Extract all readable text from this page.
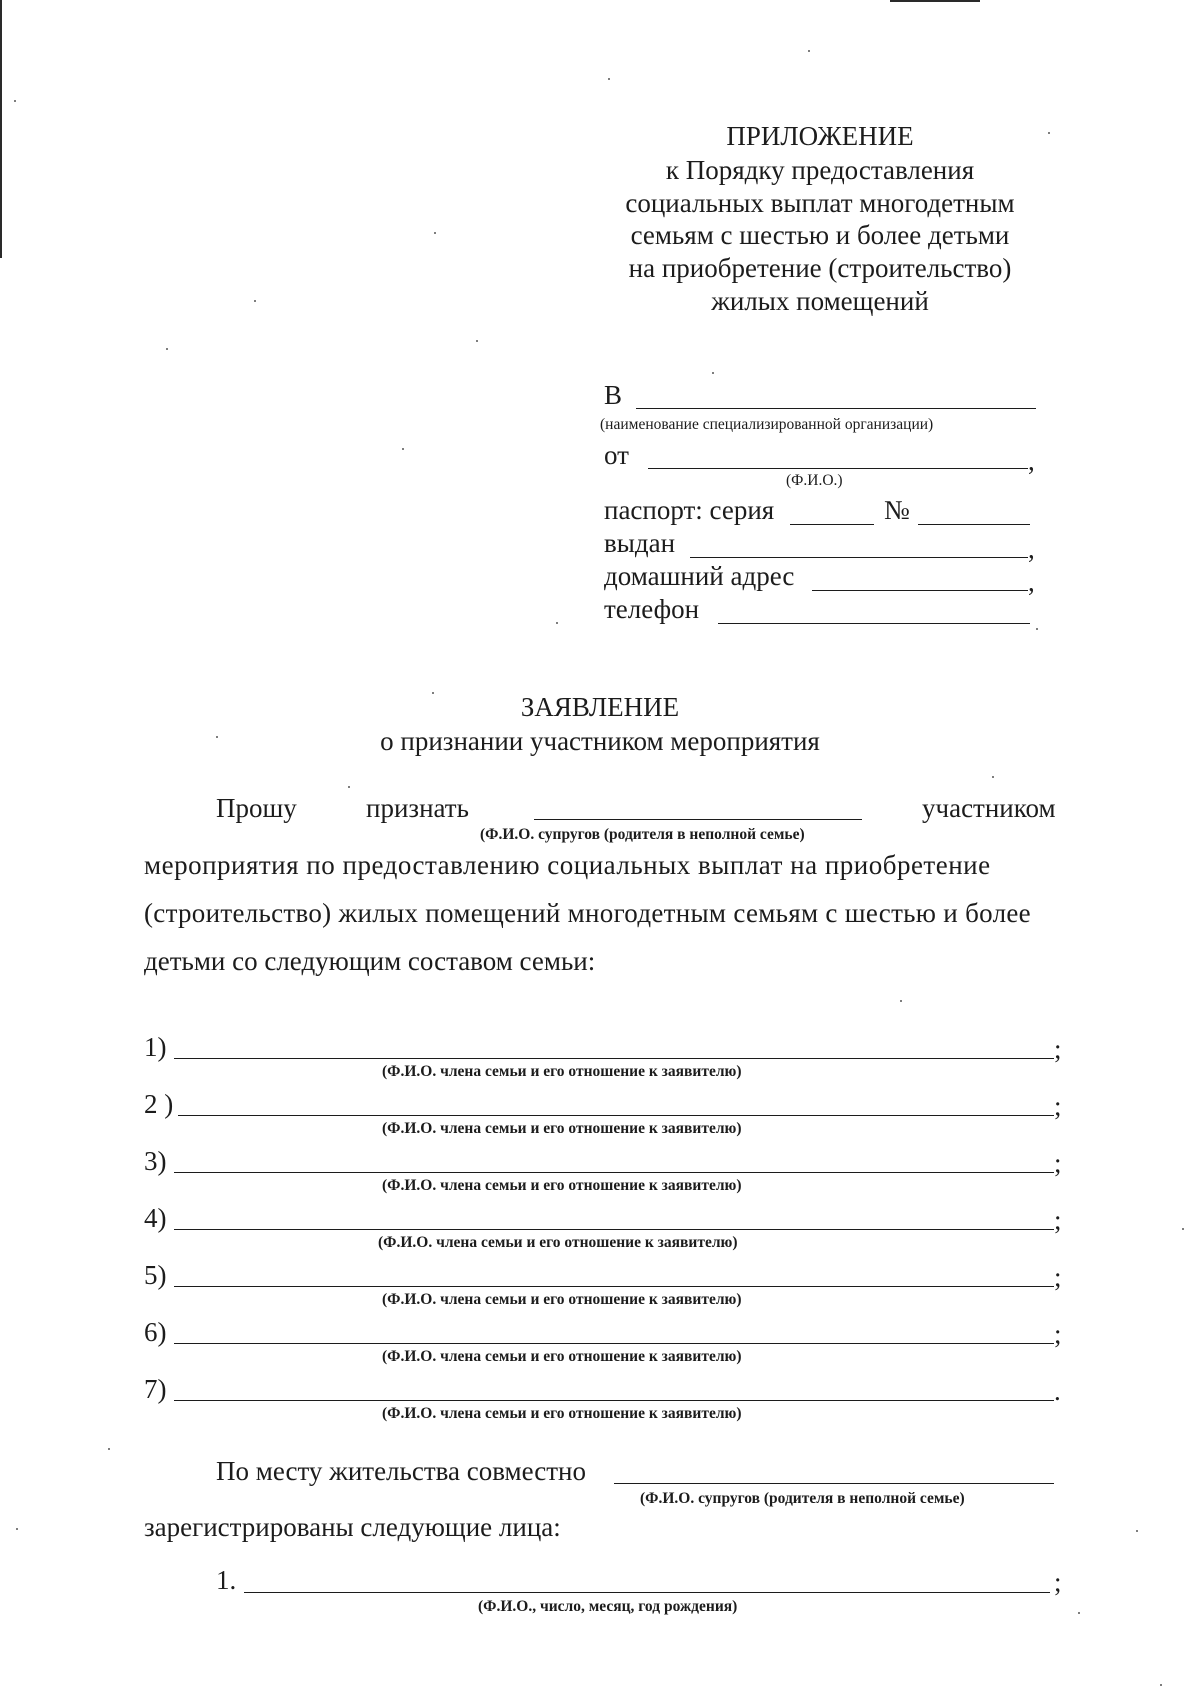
ПРИЛОЖЕНИЕ
к Порядку предоставления
социальных выплат многодетным
семьям с шестью и более детьми
на приобретение (строительство)
жилых помещений
В
(наименование специализированной организации)
от	,
(Ф.И.О.)
паспорт: серия	№
выдан	,
домашний адрес	,
телефон
ЗАЯВЛЕНИЕ
о признании участником мероприятия
Прошу	признать	участником
(Ф.И.О. супругов (родителя в неполной семье)
мероприятия по предоставлению социальных выплат на приобретение
(строительство) жилых помещений многодетным семьям с шестью и более
детьми со следующим составом семьи:
1)	;
(Ф.И.О. члена семьи и его отношение к заявителю)
2 )	;
(Ф.И.О. члена семьи и его отношение к заявителю)
3)	;
(Ф.И.О. члена семьи и его отношение к заявителю)
4)	;
(Ф.И.О. члена семьи и его отношение к заявителю)
5)	;
(Ф.И.О. члена семьи и его отношение к заявителю)
6)	;
(Ф.И.О. члена семьи и его отношение к заявителю)
7)	.
(Ф.И.О. члена семьи и его отношение к заявителю)
По месту жительства совместно
(Ф.И.О. супругов (родителя в неполной семье)
зарегистрированы следующие лица:
1.	;
(Ф.И.О., число, месяц, год рождения)
